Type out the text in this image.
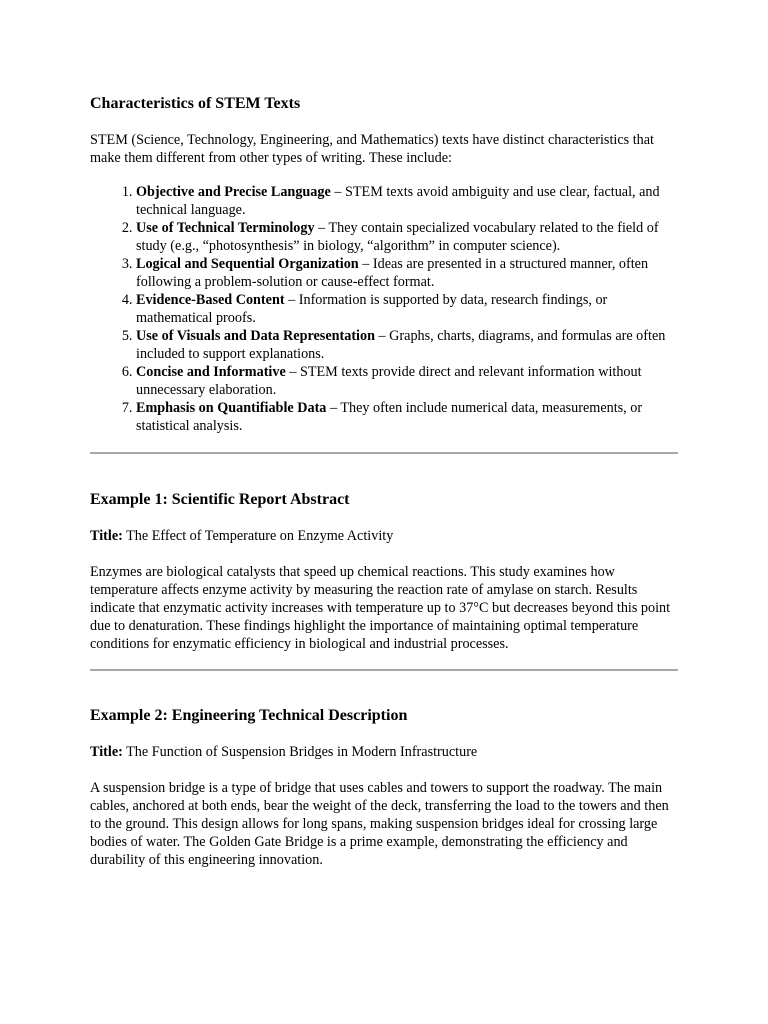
Characteristics of STEM Texts

STEM (Science, Technology, Engineering, and Mathematics) texts have distinct characteristics that make them different from other types of writing. These include:

1. Objective and Precise Language – STEM texts avoid ambiguity and use clear, factual, and technical language.
2. Use of Technical Terminology – They contain specialized vocabulary related to the field of study (e.g., “photosynthesis” in biology, “algorithm” in computer science).
3. Logical and Sequential Organization – Ideas are presented in a structured manner, often following a problem-solution or cause-effect format.
4. Evidence-Based Content – Information is supported by data, research findings, or mathematical proofs.
5. Use of Visuals and Data Representation – Graphs, charts, diagrams, and formulas are often included to support explanations.
6. Concise and Informative – STEM texts provide direct and relevant information without unnecessary elaboration.
7. Emphasis on Quantifiable Data – They often include numerical data, measurements, or statistical analysis.
Example 1: Scientific Report Abstract

Title: The Effect of Temperature on Enzyme Activity

Enzymes are biological catalysts that speed up chemical reactions. This study examines how temperature affects enzyme activity by measuring the reaction rate of amylase on starch. Results indicate that enzymatic activity increases with temperature up to 37°C but decreases beyond this point due to denaturation. These findings highlight the importance of maintaining optimal temperature conditions for enzymatic efficiency in biological and industrial processes.

Example 2: Engineering Technical Description

Title: The Function of Suspension Bridges in Modern Infrastructure

A suspension bridge is a type of bridge that uses cables and towers to support the roadway. The main cables, anchored at both ends, bear the weight of the deck, transferring the load to the towers and then to the ground. This design allows for long spans, making suspension bridges ideal for crossing large bodies of water. The Golden Gate Bridge is a prime example, demonstrating the efficiency and durability of this engineering innovation.
